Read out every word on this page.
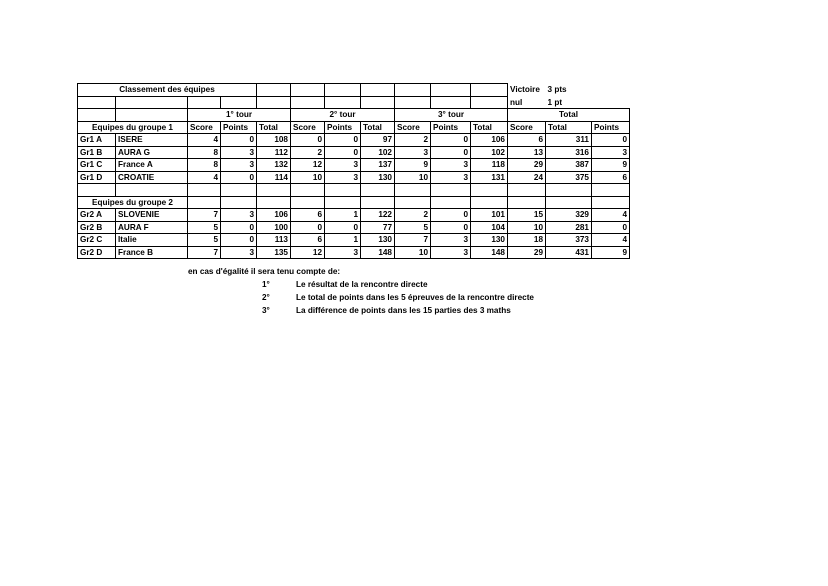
Classement des équipes											Victoire	3 pts	
											nul	1 pt	
		1° tour			2° tour			3° tour			Total		
Equipes du groupe 1		Score	Points	Total	Score	Points	Total	Score	Points	Total	Score	Total	Points
Gr1 A	ISERE	4	0	108	0	0	97	2	0	106	6	311	0
Gr1 B	AURA G	8	3	112	2	0	102	3	0	102	13	316	3
Gr1 C	France A	8	3	132	12	3	137	9	3	118	29	387	9
Gr1 D	CROATIE	4	0	114	10	3	130	10	3	131	24	375	6

Equipes du groupe 2													
Gr2 A	SLOVENIE	7	3	106	6	1	122	2	0	101	15	329	4
Gr2 B	AURA F	5	0	100	0	0	77	5	0	104	10	281	0
Gr2 C	Italie	5	0	113	6	1	130	7	3	130	18	373	4
Gr2 D	France B	7	3	135	12	3	148	10	3	148	29	431	9
en cas d'égalité il sera tenu compte de:
1°	Le résultat de la rencontre directe
2°	Le total de points dans les 5 épreuves de la rencontre directe
3°	La différence de points dans les 15 parties des 3 maths
